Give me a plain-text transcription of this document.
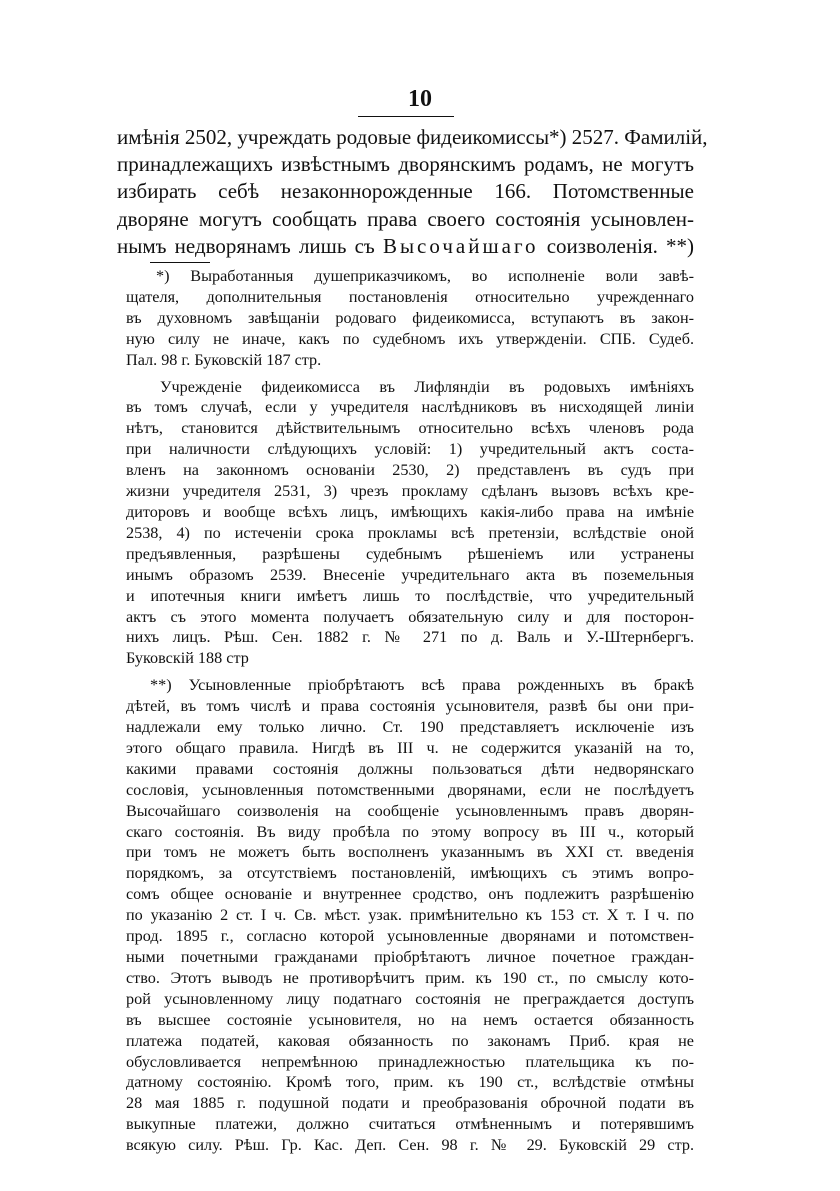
10
имѣнія 2502, учреждать родовые фидеикомиссы*) 2527. Фамилій,
принадлежащихъ извѣстнымъ дворянскимъ родамъ, не могутъ
избирать себѣ незаконнорожденные 166. Потомственные
дворяне могутъ сообщать права своего состоянія усыновлен-
нымъ недворянамъ лишь съ Высочайшаго соизволенія. **)
*) Выработанныя душеприказчикомъ, во исполненіе воли завѣ-
щателя, дополнительныя постановленія относительно учрежденнаго
въ духовномъ завѣщаніи родоваго фидеикомисса, вступаютъ въ закон-
ную силу не иначе, какъ по судебномъ ихъ утвержденіи. СПБ. Судеб.
Пал. 98 г. Буковскій 187 стр.
Учрежденіе фидеикомисса въ Лифляндіи въ родовыхъ имѣніяхъ
въ томъ случаѣ, если у учредителя наслѣдниковъ въ нисходящей линіи
нѣтъ, становится дѣйствительнымъ относительно всѣхъ членовъ рода
при наличности слѣдующихъ условій: 1) учредительный актъ соста-
вленъ на законномъ основаніи 2530, 2) представленъ въ судъ при
жизни учредителя 2531, 3) чрезъ прокламу сдѣланъ вызовъ всѣхъ кре-
диторовъ и вообще всѣхъ лицъ, имѣющихъ какія-либо права на имѣніе
2538, 4) по истеченіи срока прокламы всѣ претензіи, вслѣдствіе оной
предъявленныя, разрѣшены судебнымъ рѣшеніемъ или устранены
инымъ образомъ 2539. Внесеніе учредительнаго акта въ поземельныя
и ипотечныя книги имѣетъ лишь то послѣдствіе, что учредительный
актъ съ этого момента получаетъ обязательную силу и для посторон-
нихъ лицъ. Рѣш. Сен. 1882 г. № 271 по д. Валь и У.-Штернбергъ.
Буковскій 188 стр
**) Усыновленные пріобрѣтаютъ всѣ права рожденныхъ въ бракѣ
дѣтей, въ томъ числѣ и права состоянія усыновителя, развѣ бы они при-
надлежали ему только лично. Ст. 190 представляетъ исключеніе изъ
этого общаго правила. Нигдѣ въ III ч. не содержится указаній на то,
какими правами состоянія должны пользоваться дѣти недворянскаго
сословія, усыновленныя потомственными дворянами, если не послѣдуетъ
Высочайшаго соизволенія на сообщеніе усыновленнымъ правъ дворян-
скаго состоянія. Въ виду пробѣла по этому вопросу въ III ч., который
при томъ не можетъ быть восполненъ указаннымъ въ XXI ст. введенія
порядкомъ, за отсутствіемъ постановленій, имѣющихъ съ этимъ вопро-
сомъ общее основаніе и внутреннее сродство, онъ подлежитъ разрѣшенію
по указанію 2 ст. I ч. Св. мѣст. узак. примѣнительно къ 153 ст. X т. I ч. по
прод. 1895 г., согласно которой усыновленные дворянами и потомствен-
ными почетными гражданами пріобрѣтаютъ личное почетное граждан-
ство. Этотъ выводъ не противорѣчитъ прим. къ 190 ст., по смыслу кото-
рой усыновленному лицу податнаго состоянія не преграждается доступъ
въ высшее состояніе усыновителя, но на немъ остается обязанность
платежа податей, каковая обязанность по законамъ Приб. края не
обусловливается непремѣнною принадлежностью плательщика къ по-
датному состоянію. Кромѣ того, прим. къ 190 ст., вслѣдствіе отмѣны
28 мая 1885 г. подушной подати и преобразованія оброчной подати въ
выкупные платежи, должно считаться отмѣненнымъ и потерявшимъ
всякую силу. Рѣш. Гр. Кас. Деп. Сен. 98 г. № 29. Буковскій 29 стр.
